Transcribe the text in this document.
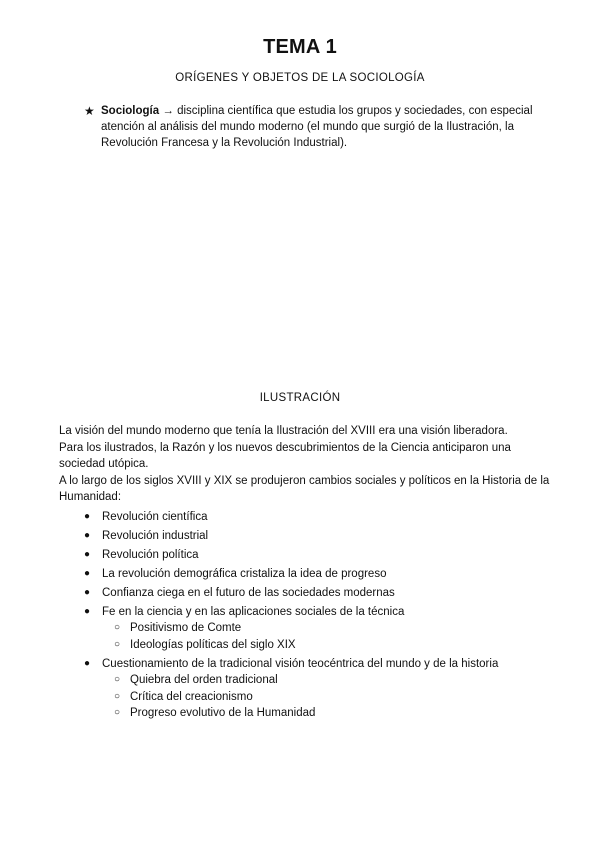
TEMA 1
ORÍGENES Y OBJETOS DE LA SOCIOLOGÍA
★ Sociología → disciplina científica que estudia los grupos y sociedades, con especial atención al análisis del mundo moderno (el mundo que surgió de la Ilustración, la Revolución Francesa y la Revolución Industrial).
ILUSTRACIÓN

La visión del mundo moderno que tenía la Ilustración del XVIII era una visión liberadora.

Para los ilustrados, la Razón y los nuevos descubrimientos de la Ciencia anticiparon una sociedad utópica.

A lo largo de los siglos XVIII y XIX se produjeron cambios sociales y políticos en la Historia de la Humanidad:

● Revolución científica
● Revolución industrial
● Revolución política
● La revolución demográfica cristaliza la idea de progreso
● Confianza ciega en el futuro de las sociedades modernas
● Fe en la ciencia y en las aplicaciones sociales de la técnica
○ Positivismo de Comte
○ Ideologías políticas del siglo XIX
● Cuestionamiento de la tradicional visión teocéntrica del mundo y de la historia
○ Quiebra del orden tradicional
○ Crítica del creacionismo
○ Progreso evolutivo de la Humanidad
